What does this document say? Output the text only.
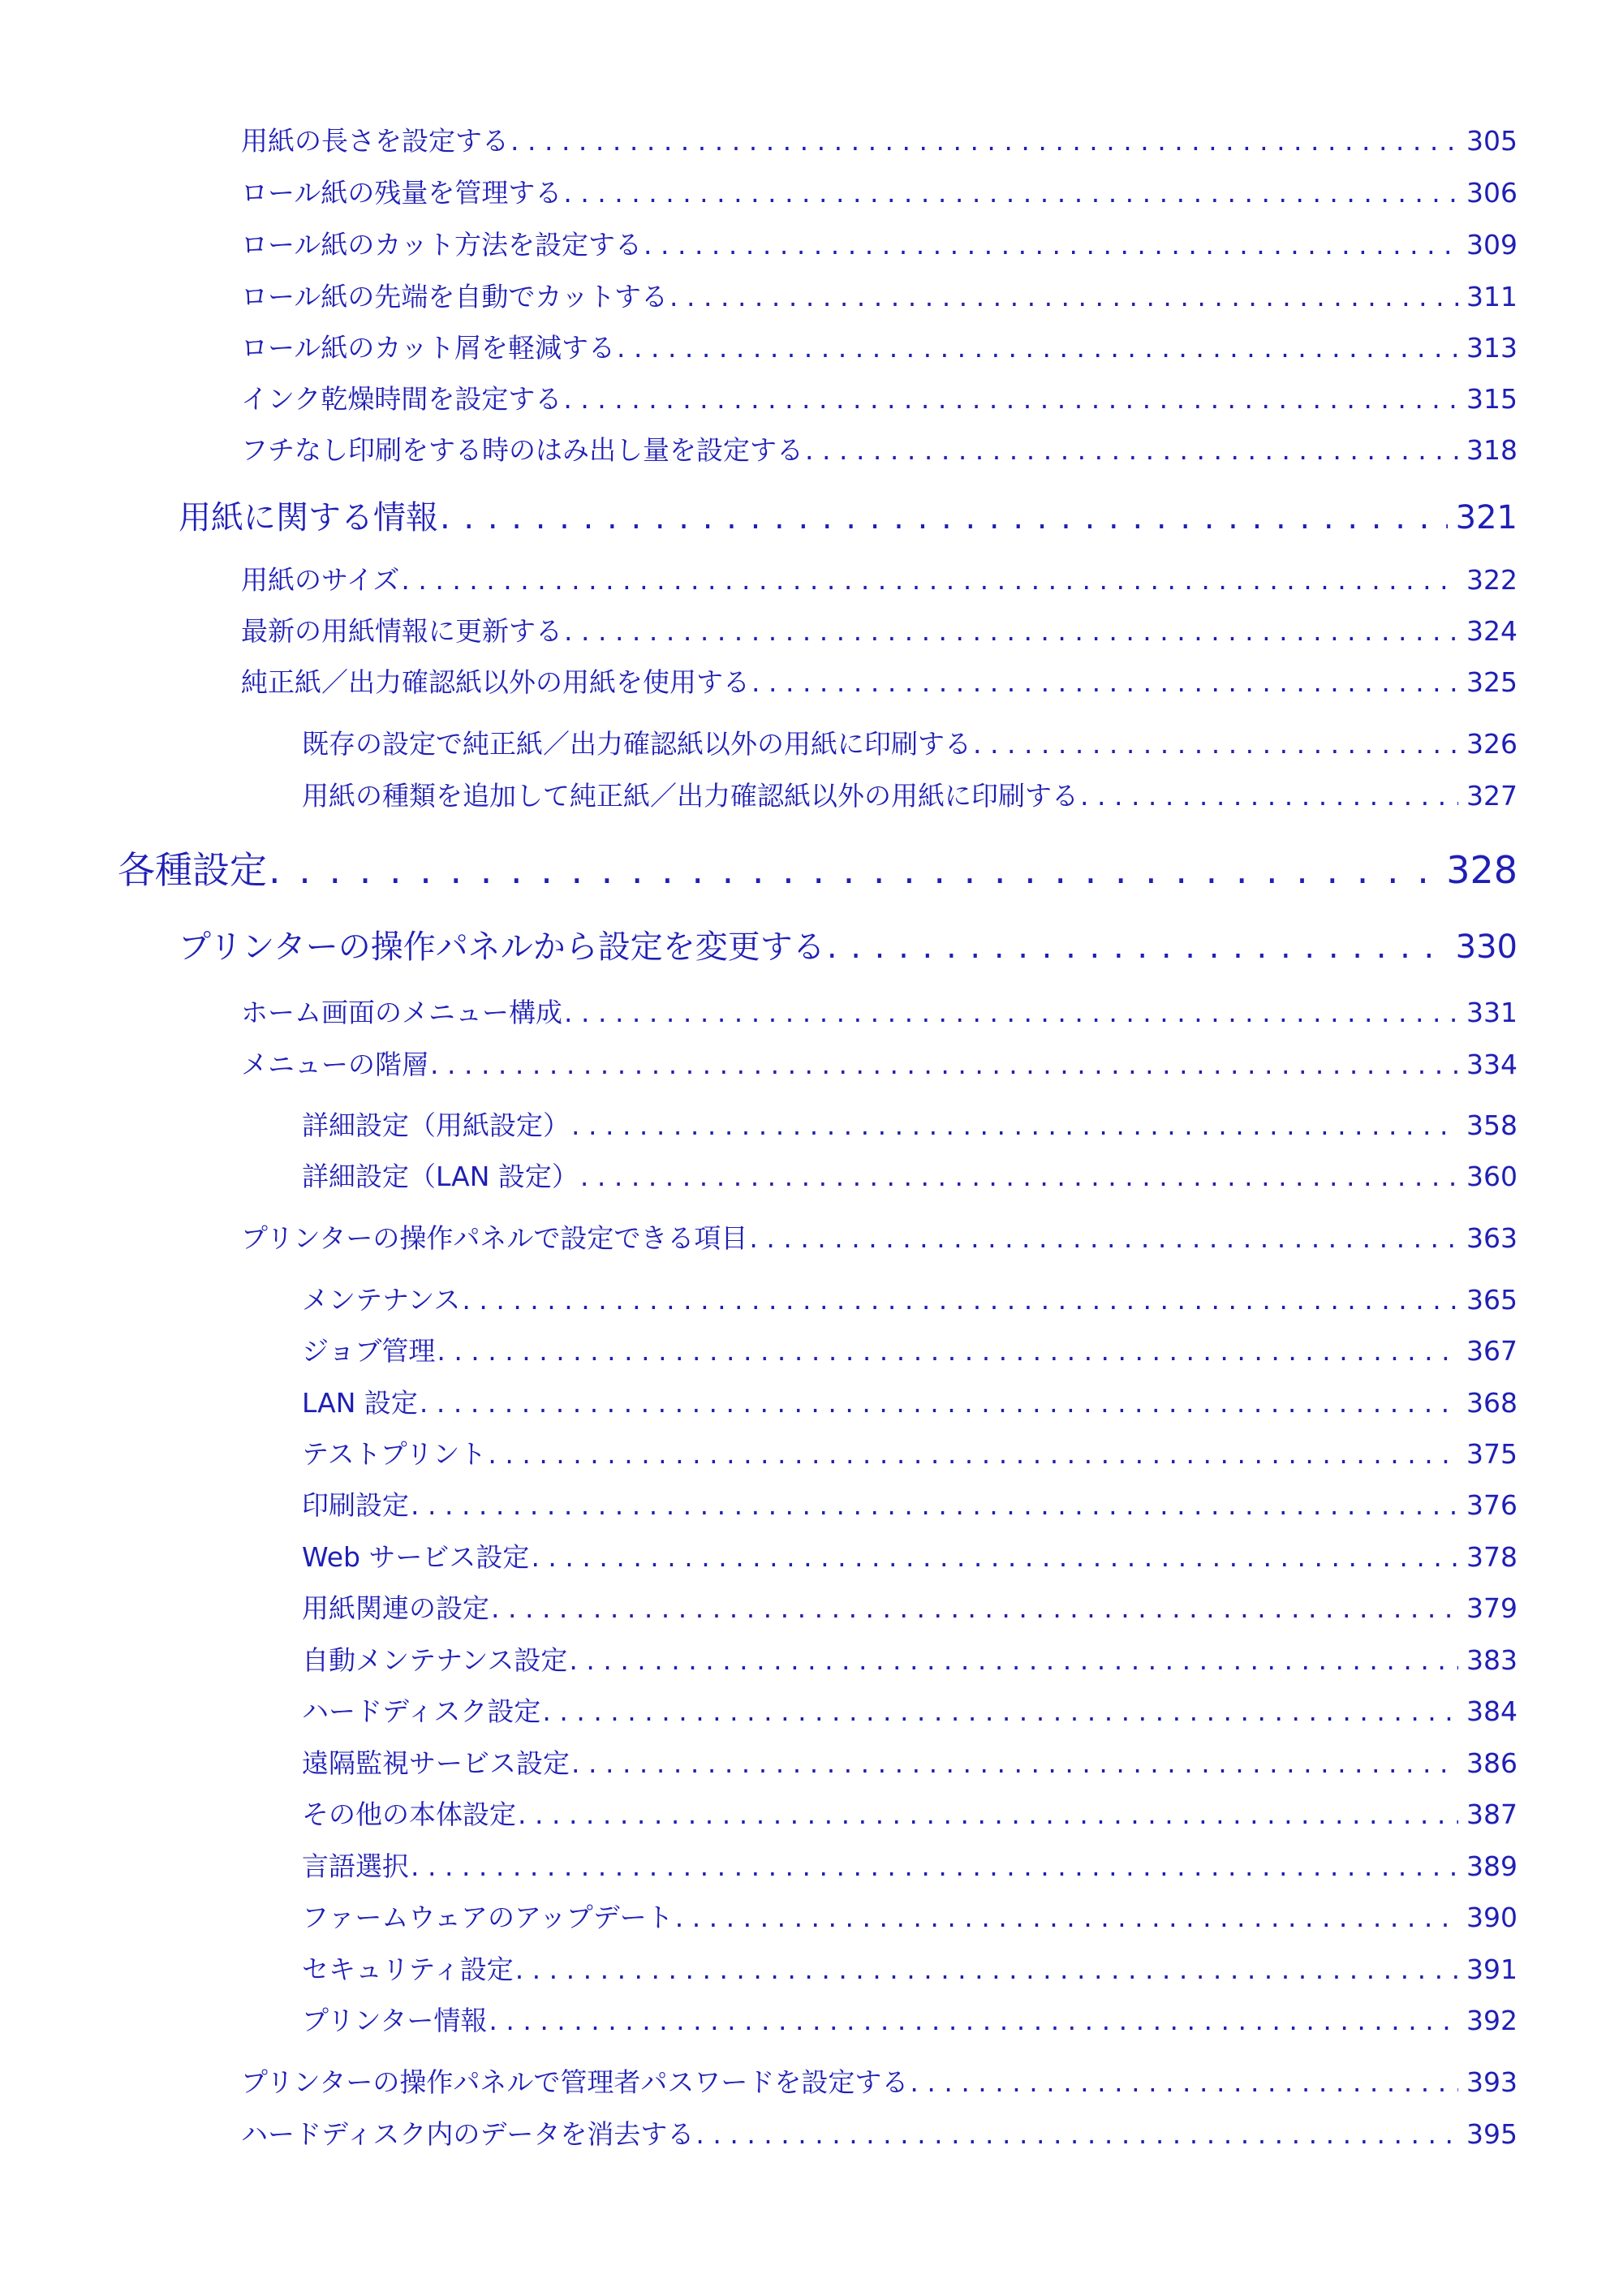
用紙の長さを設定する . . .	305
ロール紙の残量を管理する . . .	306
ロール紙のカット方法を設定する . . .	309
ロール紙の先端を自動でカットする . . .	311
ロール紙のカット屑を軽減する . . .	313
インク乾燥時間を設定する . . .	315
フチなし印刷をする時のはみ出し量を設定する . . .	318
用紙に関する情報 . . .	321
用紙のサイズ . . .	322
最新の用紙情報に更新する . . .	324
純正紙／出力確認紙以外の用紙を使用する . . .	325
既存の設定で純正紙／出力確認紙以外の用紙に印刷する . . .	326
用紙の種類を追加して純正紙／出力確認紙以外の用紙に印刷する . . .	327
各種設定 . . .	328
プリンターの操作パネルから設定を変更する . . .	330
ホーム画面のメニュー構成 . . .	331
メニューの階層 . . .	334
詳細設定（用紙設定） . . .	358
詳細設定（LAN 設定） . . .	360
プリンターの操作パネルで設定できる項目 . . .	363
メンテナンス . . .	365
ジョブ管理 . . .	367
LAN 設定 . . .	368
テストプリント . . .	375
印刷設定 . . .	376
Web サービス設定 . . .	378
用紙関連の設定 . . .	379
自動メンテナンス設定 . . .	383
ハードディスク設定 . . .	384
遠隔監視サービス設定 . . .	386
その他の本体設定 . . .	387
言語選択 . . .	389
ファームウェアのアップデート . . .	390
セキュリティ設定 . . .	391
プリンター情報 . . .	392
プリンターの操作パネルで管理者パスワードを設定する . . .	393
ハードディスク内のデータを消去する . . .	395
